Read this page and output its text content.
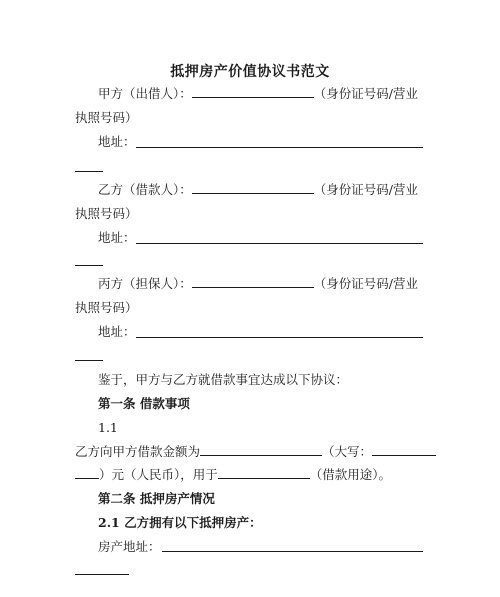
抵押房产价值协议书范文
甲方（出借人）：	（身份证号码/营业
执照号码）
地址：
乙方（借款人）：	（身份证号码/营业
执照号码）
地址：
丙方（担保人）：	（身份证号码/营业
执照号码）
地址：
鉴于，甲方与乙方就借款事宜达成以下协议：
第一条 借款事项
1.1
乙方向甲方借款金额为	（大写：
）元（人民币），用于	（借款用途）。
第二条 抵押房产情况
2.1 乙方拥有以下抵押房产：
房产地址：
